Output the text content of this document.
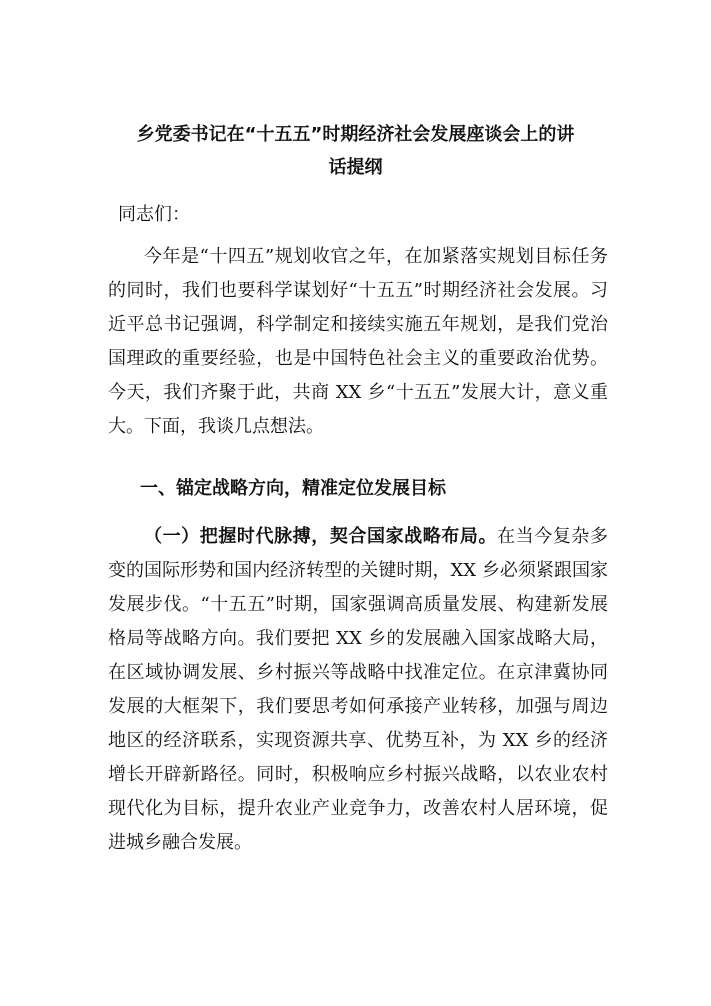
乡党委书记在“十五五”时期经济社会发展座谈会上的讲
话提纲

同志们：

今年是“十四五”规划收官之年，在加紧落实规划目标任务的同时，我们也要科学谋划好“十五五”时期经济社会发展。习近平总书记强调，科学制定和接续实施五年规划，是我们党治国理政的重要经验，也是中国特色社会主义的重要政治优势。今天，我们齐聚于此，共商 XX 乡“十五五”发展大计，意义重大。下面，我谈几点想法。

一、锚定战略方向，精准定位发展目标

（一）把握时代脉搏，契合国家战略布局。在当今复杂多变的国际形势和国内经济转型的关键时期，XX 乡必须紧跟国家发展步伐。“十五五”时期，国家强调高质量发展、构建新发展格局等战略方向。我们要把 XX 乡的发展融入国家战略大局，在区域协调发展、乡村振兴等战略中找准定位。在京津冀协同发展的大框架下，我们要思考如何承接产业转移，加强与周边地区的经济联系，实现资源共享、优势互补，为 XX 乡的经济增长开辟新路径。同时，积极响应乡村振兴战略，以农业农村现代化为目标，提升农业产业竞争力，改善农村人居环境，促进城乡融合发展。
